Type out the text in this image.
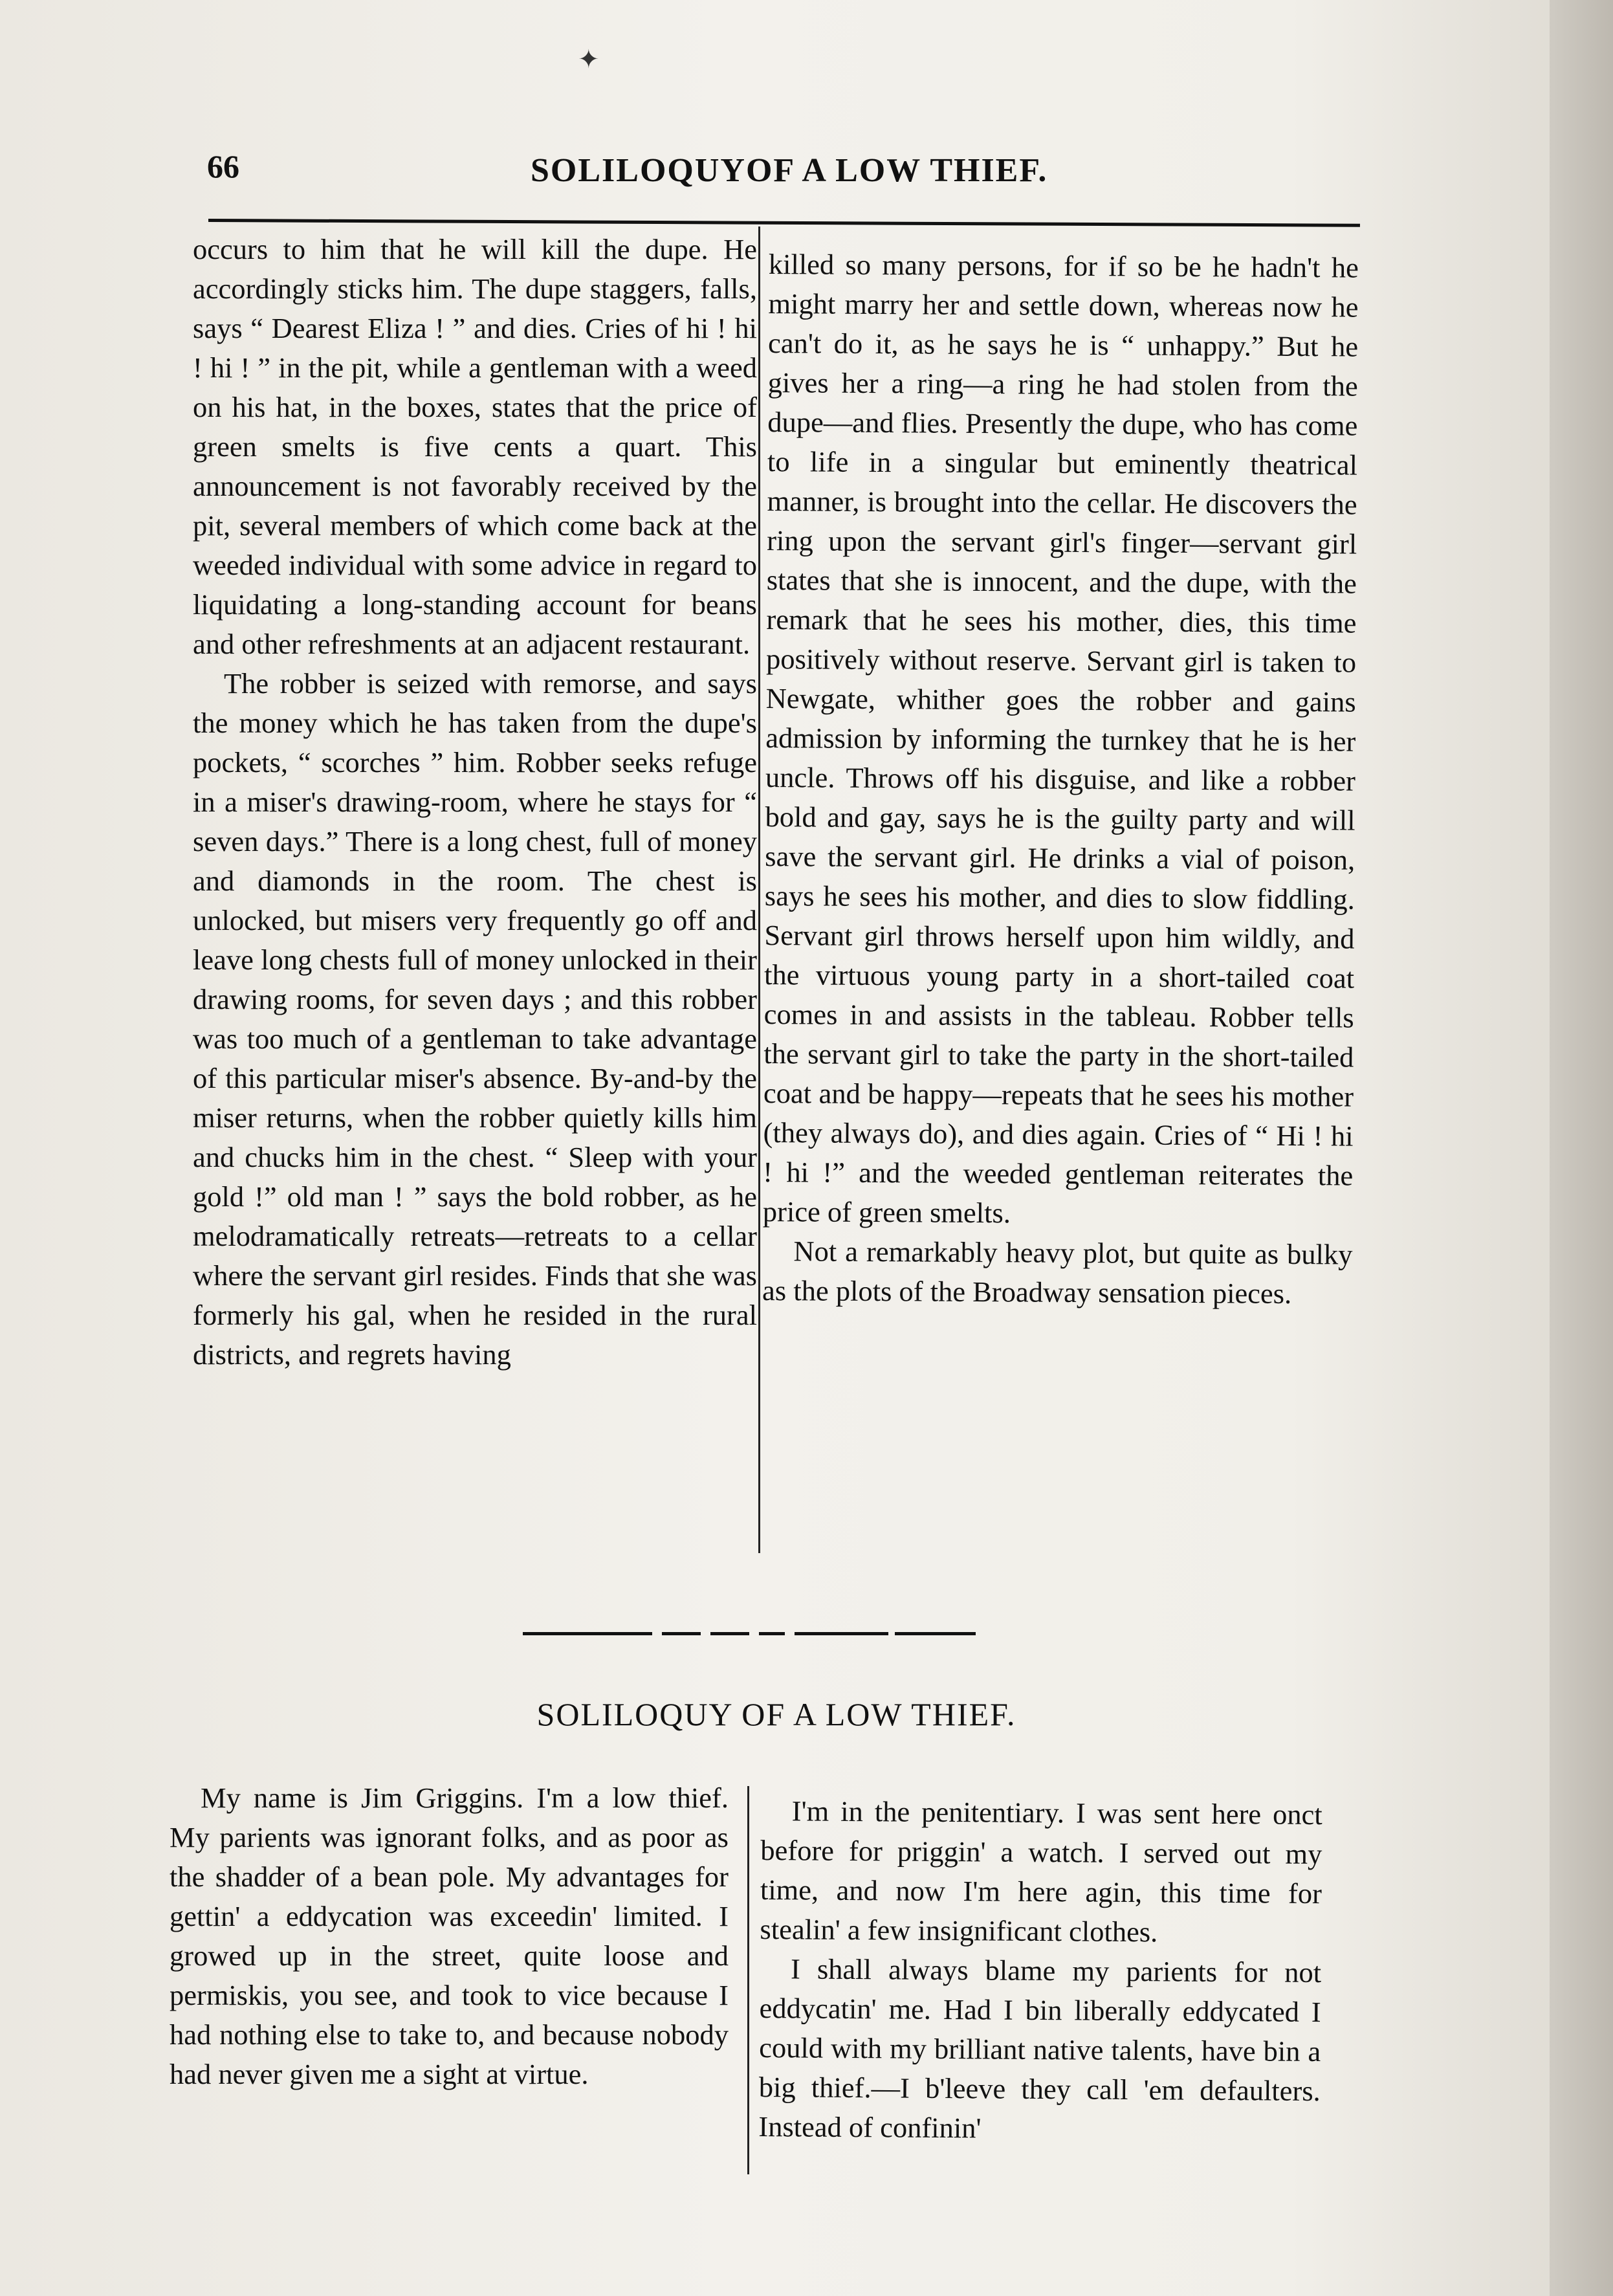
✦
66	SOLILOQUYOF A LOW THIEF.

occurs to him that he will kill the dupe. He accordingly sticks him. The dupe staggers, falls, says “ Dearest Eliza ! ” and dies. Cries of hi ! hi ! hi ! ” in the pit, while a gentleman with a weed on his hat, in the boxes, states that the price of green smelts is five cents a quart. This announcement is not favorably received by the pit, several members of which come back at the weeded individual with some advice in regard to liquidating a long-standing account for beans and other refreshments at an adjacent restaurant.

The robber is seized with remorse, and says the money which he has taken from the dupe's pockets, “ scorches ” him. Robber seeks refuge in a miser's drawing-room, where he stays for “ seven days.” There is a long chest, full of money and diamonds in the room. The chest is unlocked, but misers very frequently go off and leave long chests full of money unlocked in their drawing rooms, for seven days ; and this robber was too much of a gentleman to take advantage of this particular miser's absence. By-and-by the miser returns, when the robber quietly kills him and chucks him in the chest. “ Sleep with your gold !” old man ! ” says the bold robber, as he melodramatically retreats—retreats to a cellar where the servant girl resides. Finds that she was formerly his gal, when he resided in the rural districts, and regrets having

killed so many persons, for if so be he hadn't he might marry her and settle down, whereas now he can't do it, as he says he is “ unhappy.” But he gives her a ring—a ring he had stolen from the dupe—and flies. Presently the dupe, who has come to life in a singular but eminently theatrical manner, is brought into the cellar. He discovers the ring upon the servant girl's finger—servant girl states that she is innocent, and the dupe, with the remark that he sees his mother, dies, this time positively without reserve. Servant girl is taken to Newgate, whither goes the robber and gains admission by informing the turnkey that he is her uncle. Throws off his disguise, and like a robber bold and gay, says he is the guilty party and will save the servant girl. He drinks a vial of poison, says he sees his mother, and dies to slow fiddling. Servant girl throws herself upon him wildly, and the virtuous young party in a short-tailed coat comes in and assists in the tableau. Robber tells the servant girl to take the party in the short-tailed coat and be happy—repeats that he sees his mother (they always do), and dies again. Cries of “ Hi ! hi ! hi !” and the weeded gentleman reiterates the price of green smelts.

Not a remarkably heavy plot, but quite as bulky as the plots of the Broadway sensation pieces.

SOLILOQUY OF A LOW THIEF.

My name is Jim Griggins. I'm a low thief. My parients was ignorant folks, and as poor as the shadder of a bean pole. My advantages for gettin' a eddycation was exceedin' limited. I growed up in the street, quite loose and permiskis, you see, and took to vice because I had nothing else to take to, and because nobody had never given me a sight at virtue.

I'm in the penitentiary. I was sent here onct before for priggin' a watch. I served out my time, and now I'm here agin, this time for stealin' a few insignificant clothes.

I shall always blame my parients for not eddycatin' me. Had I bin liberally eddycated I could with my brilliant native talents, have bin a big thief.—I b'leeve they call 'em defaulters. Instead of confinin'
